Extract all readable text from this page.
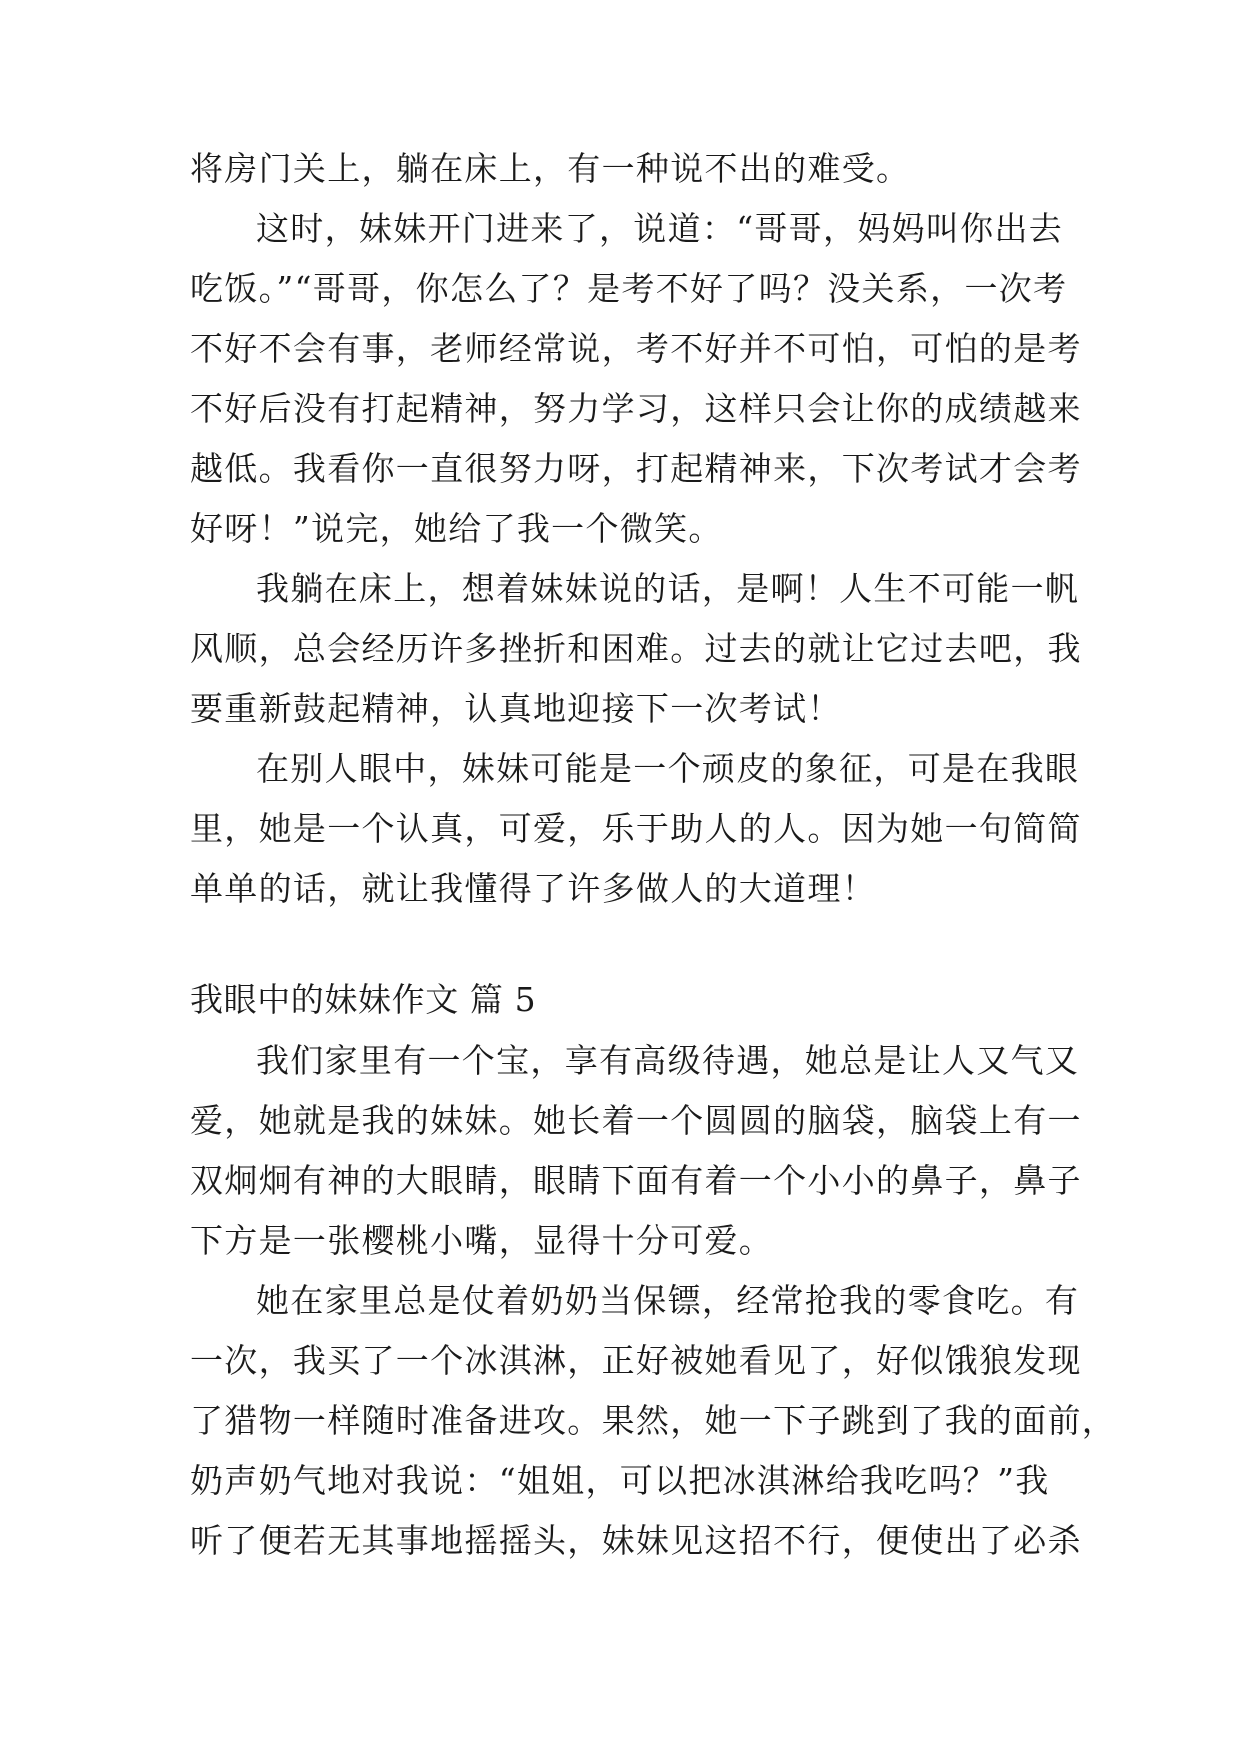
将房门关上，躺在床上，有一种说不出的难受。
这时，妹妹开门进来了，说道：“哥哥，妈妈叫你出去
吃饭。”“哥哥，你怎么了？是考不好了吗？没关系，一次考
不好不会有事，老师经常说，考不好并不可怕，可怕的是考
不好后没有打起精神，努力学习，这样只会让你的成绩越来
越低。我看你一直很努力呀，打起精神来，下次考试才会考
好呀！”说完，她给了我一个微笑。
我躺在床上，想着妹妹说的话，是啊！人生不可能一帆
风顺，总会经历许多挫折和困难。过去的就让它过去吧，我
要重新鼓起精神，认真地迎接下一次考试！
在别人眼中，妹妹可能是一个顽皮的象征，可是在我眼
里，她是一个认真，可爱，乐于助人的人。因为她一句简简
单单的话，就让我懂得了许多做人的大道理！
我眼中的妹妹作文 篇 5
我们家里有一个宝，享有高级待遇，她总是让人又气又
爱，她就是我的妹妹。她长着一个圆圆的脑袋，脑袋上有一
双炯炯有神的大眼睛，眼睛下面有着一个小小的鼻子，鼻子
下方是一张樱桃小嘴，显得十分可爱。
她在家里总是仗着奶奶当保镖，经常抢我的零食吃。有
一次，我买了一个冰淇淋，正好被她看见了，好似饿狼发现
了猎物一样随时准备进攻。果然，她一下子跳到了我的面前，
奶声奶气地对我说：“姐姐，可以把冰淇淋给我吃吗？”我
听了便若无其事地摇摇头，妹妹见这招不行，便使出了必杀
